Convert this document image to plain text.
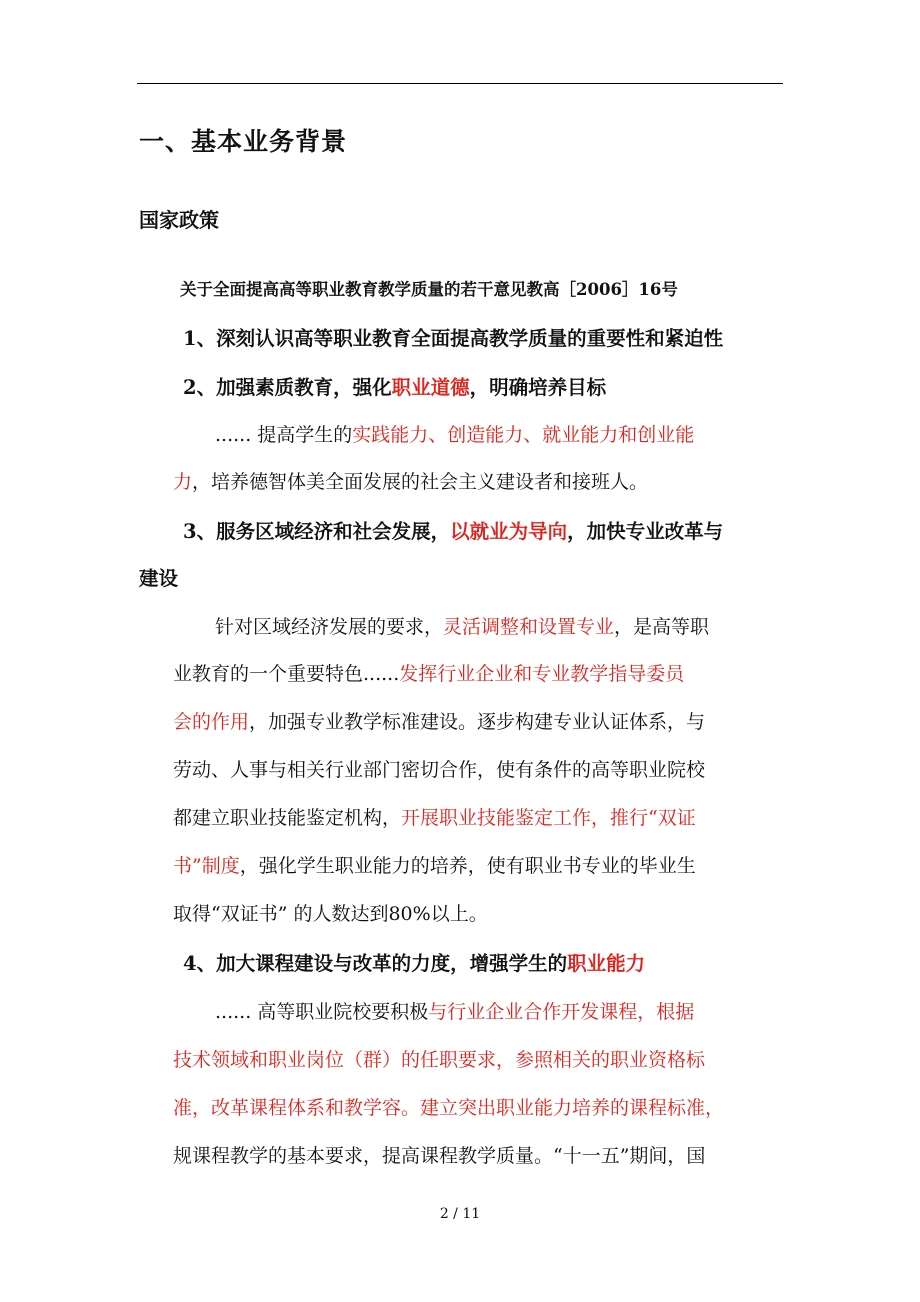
一、基本业务背景
国家政策
关于全面提高高等职业教育教学质量的若干意见教高［2006］16号
1、深刻认识高等职业教育全面提高教学质量的重要性和紧迫性
2、加强素质教育，强化职业道德，明确培养目标
...... 提高学生的实践能力、创造能力、就业能力和创业能
力，培养德智体美全面发展的社会主义建设者和接班人。
3、服务区域经济和社会发展，以就业为导向，加快专业改革与
建设
针对区域经济发展的要求，灵活调整和设置专业，是高等职
业教育的一个重要特色......发挥行业企业和专业教学指导委员
会的作用，加强专业教学标准建设。逐步构建专业认证体系，与
劳动、人事与相关行业部门密切合作，使有条件的高等职业院校
都建立职业技能鉴定机构，开展职业技能鉴定工作，推行“双证
书”制度，强化学生职业能力的培养，使有职业书专业的毕业生
取得“双证书” 的人数达到80%以上。
4、加大课程建设与改革的力度，增强学生的职业能力
...... 高等职业院校要积极与行业企业合作开发课程，根据
技术领域和职业岗位（群）的任职要求，参照相关的职业资格标
准，改革课程体系和教学容。建立突出职业能力培养的课程标准，
规课程教学的基本要求，提高课程教学质量。“十一五”期间，国
2 / 11
